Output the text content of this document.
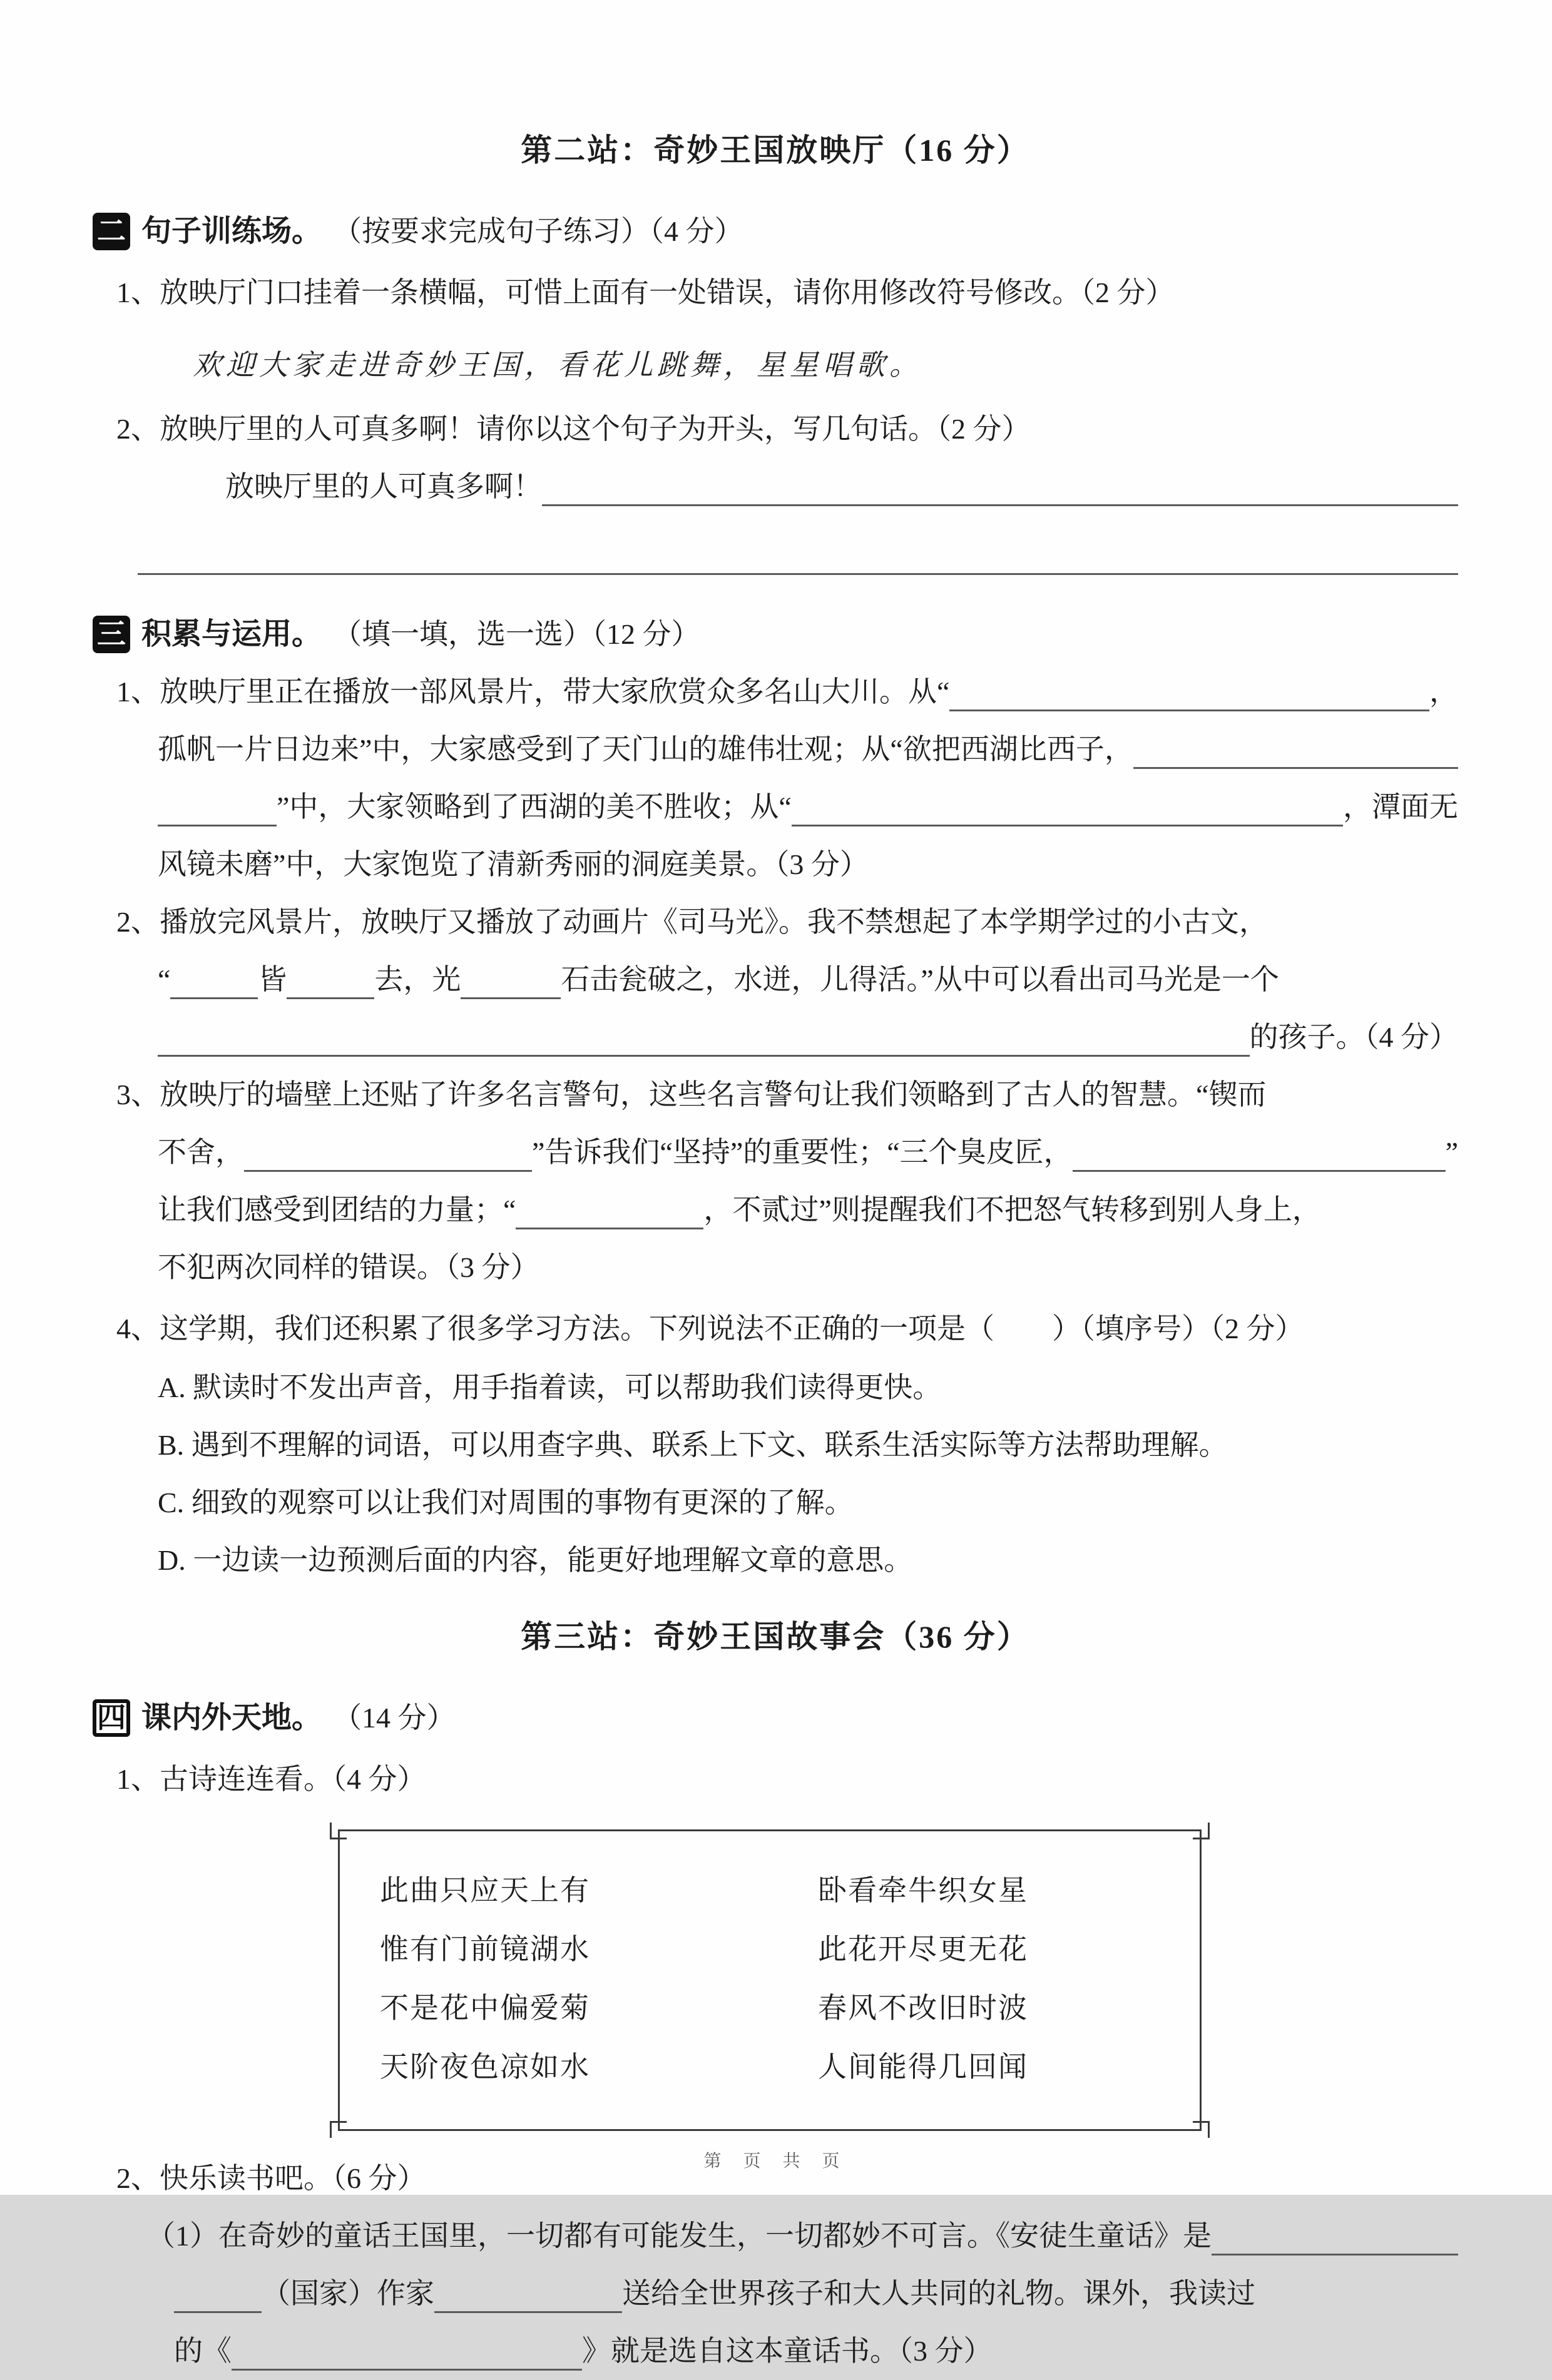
第二站：奇妙王国放映厅（16 分）
二 句子训练场。 （按要求完成句子练习）（4 分）
1、放映厅门口挂着一条横幅，可惜上面有一处错误，请你用修改符号修改。（2 分）
欢迎大家走进奇妙王国，看花儿跳舞，星星唱歌。
2、放映厅里的人可真多啊！请你以这个句子为开头，写几句话。（2 分）
放映厅里的人可真多啊！
三 积累与运用。 （填一填，选一选）（12 分）
1、放映厅里正在播放一部风景片，带大家欣赏众多名山大川。从“	，
孤帆一片日边来”中，大家感受到了天门山的雄伟壮观；从“欲把西湖比西子，
”中，大家领略到了西湖的美不胜收；从“	，潭面无
风镜未磨”中，大家饱览了清新秀丽的洞庭美景。（3 分）
2、播放完风景片，放映厅又播放了动画片《司马光》。我不禁想起了本学期学过的小古文，
“	皆	去，光	石击瓮破之，水迸，儿得活。”从中可以看出司马光是一个
的孩子。（4 分）
3、放映厅的墙壁上还贴了许多名言警句，这些名言警句让我们领略到了古人的智慧。“锲而
不舍，	”告诉我们“坚持”的重要性；“三个臭皮匠，	”
让我们感受到团结的力量；“	，不贰过”则提醒我们不把怒气转移到别人身上，
不犯两次同样的错误。（3 分）
4、这学期，我们还积累了很多学习方法。下列说法不正确的一项是（　　）（填序号）（2 分）
A. 默读时不发出声音，用手指着读，可以帮助我们读得更快。
B. 遇到不理解的词语，可以用查字典、联系上下文、联系生活实际等方法帮助理解。
C. 细致的观察可以让我们对周围的事物有更深的了解。
D. 一边读一边预测后面的内容，能更好地理解文章的意思。
第三站：奇妙王国故事会（36 分）
四 课内外天地。 （14 分）
1、古诗连连看。（4 分）
此曲只应天上有	卧看牵牛织女星
惟有门前镜湖水	此花开尽更无花
不是花中偏爱菊	春风不改旧时波
天阶夜色凉如水	人间能得几回闻
2、快乐读书吧。（6 分）
（1）在奇妙的童话王国里，一切都有可能发生，一切都妙不可言。《安徒生童话》是
（国家）作家	送给全世界孩子和大人共同的礼物。课外，我读过
的《	》就是选自这本童话书。（3 分）
第 页 共 页
